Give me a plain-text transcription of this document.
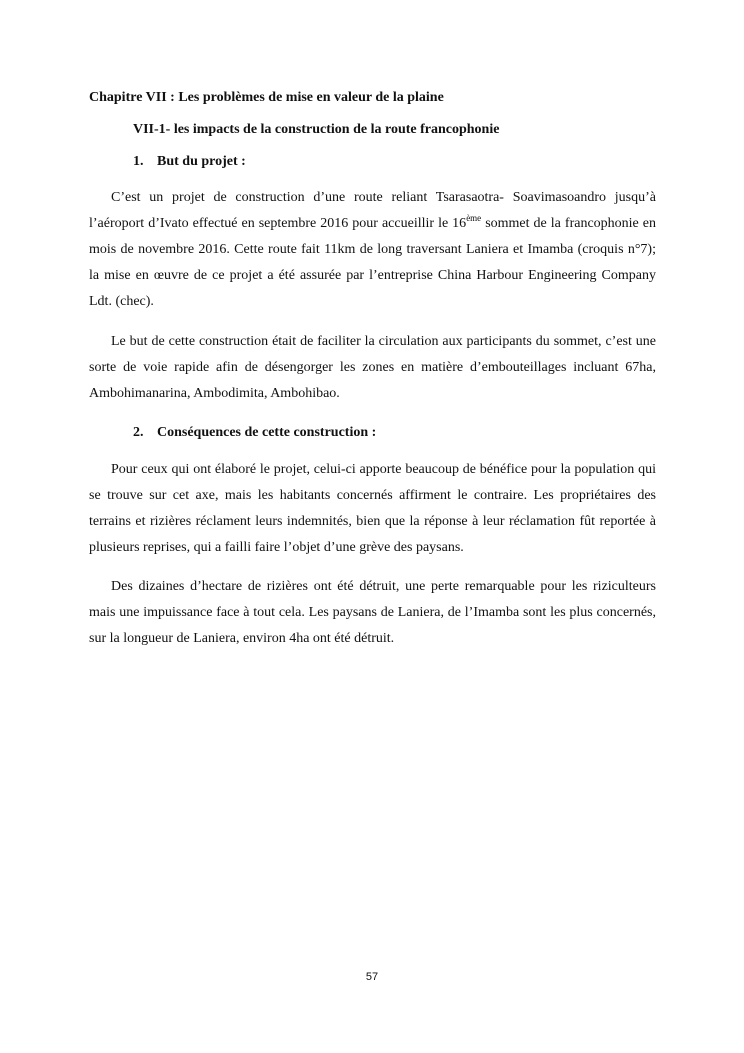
Chapitre VII : Les problèmes de mise en valeur de la plaine
VII-1- les impacts de la construction de la route francophonie
1. But du projet :

C’est un projet de construction d’une route reliant Tsarasaotra- Soavimasoandro jusqu’à l’aéroport d’Ivato effectué en septembre 2016 pour accueillir le 16ème sommet de la francophonie en mois de novembre 2016. Cette route fait 11km de long traversant Laniera et Imamba (croquis n°7); la mise en œuvre de ce projet a été assurée par l’entreprise China Harbour Engineering Company Ldt. (chec).

Le but de cette construction était de faciliter la circulation aux participants du sommet, c’est une sorte de voie rapide afin de désengorger les zones en matière d’embouteillages incluant 67ha, Ambohimanarina, Ambodimita, Ambohibao.

2. Conséquences de cette construction :

Pour ceux qui ont élaboré le projet, celui-ci apporte beaucoup de bénéfice pour la population qui se trouve sur cet axe, mais les habitants concernés affirment le contraire. Les propriétaires des terrains et rizières réclament leurs indemnités, bien que la réponse à leur réclamation fût reportée à plusieurs reprises, qui a failli faire l’objet d’une grève des paysans.

Des dizaines d’hectare de rizières ont été détruit, une perte remarquable pour les riziculteurs mais une impuissance face à tout cela. Les paysans de Laniera, de l’Imamba sont les plus concernés, sur la longueur de Laniera, environ 4ha ont été détruit.

57
